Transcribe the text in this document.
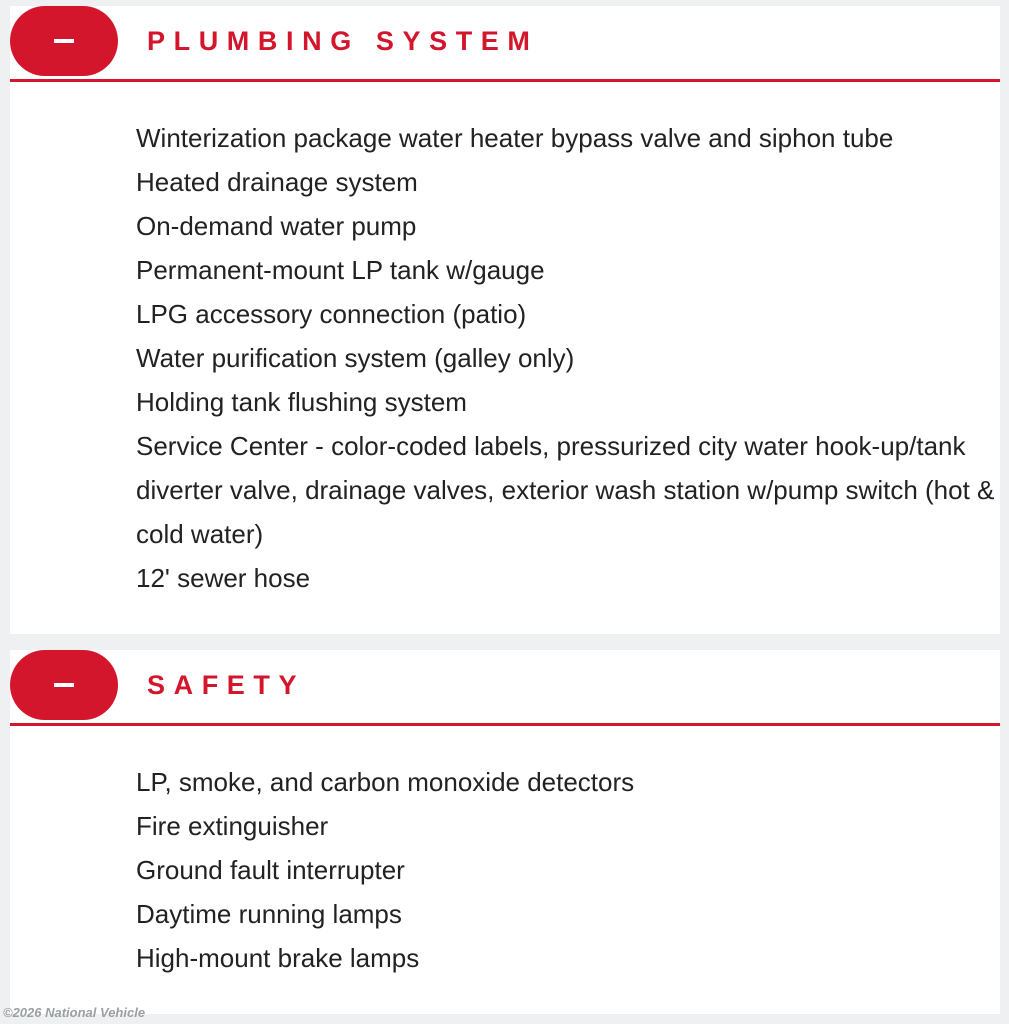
PLUMBING SYSTEM
Winterization package water heater bypass valve and siphon tube
Heated drainage system
On-demand water pump
Permanent-mount LP tank w/gauge
LPG accessory connection (patio)
Water purification system (galley only)
Holding tank flushing system
Service Center - color-coded labels, pressurized city water hook-up/tank diverter valve, drainage valves, exterior wash station w/pump switch (hot & cold water)
12' sewer hose
SAFETY
LP, smoke, and carbon monoxide detectors
Fire extinguisher
Ground fault interrupter
Daytime running lamps
High-mount brake lamps
©2026 National Vehicle
